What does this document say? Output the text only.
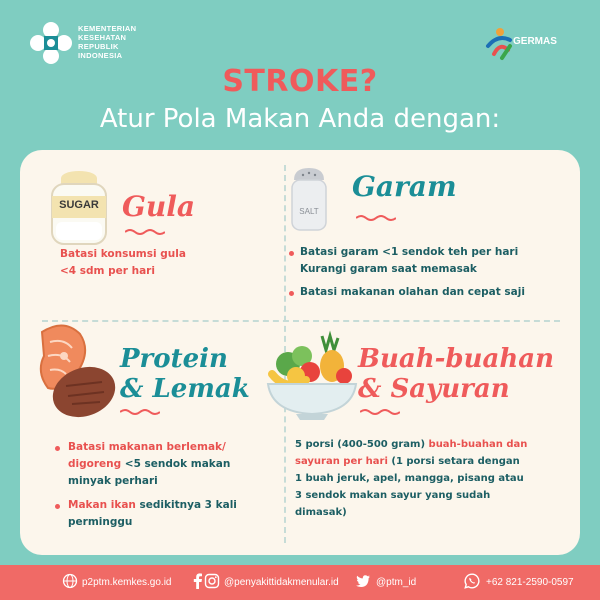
KEMENTERIAN
KESEHATAN
REPUBLIK
INDONESIA
GERMAS
STROKE?
Atur Pola Makan Anda dengan:
SUGAR Gula
Batasi konsumsi gula
<4 sdm per hari
SALT
Garam
Batasi garam <1 sendok teh per hari
Kurangi garam saat memasak
Batasi makanan olahan dan cepat saji
Protein
& Lemak
Batasi makanan berlemak/
digoreng <5 sendok makan
minyak perhari
Makan ikan sedikitnya 3 kali
perminggu
Buah-buahan
& Sayuran
5 porsi (400-500 gram) buah-buahan dan
sayuran per hari (1 porsi setara dengan
1 buah jeruk, apel, mangga, pisang atau
3 sendok makan sayur yang sudah
dimasak)
p2ptm.kemkes.go.id	@penyakittidakmenular.id	@ptm_id	+62 821-2590-0597
